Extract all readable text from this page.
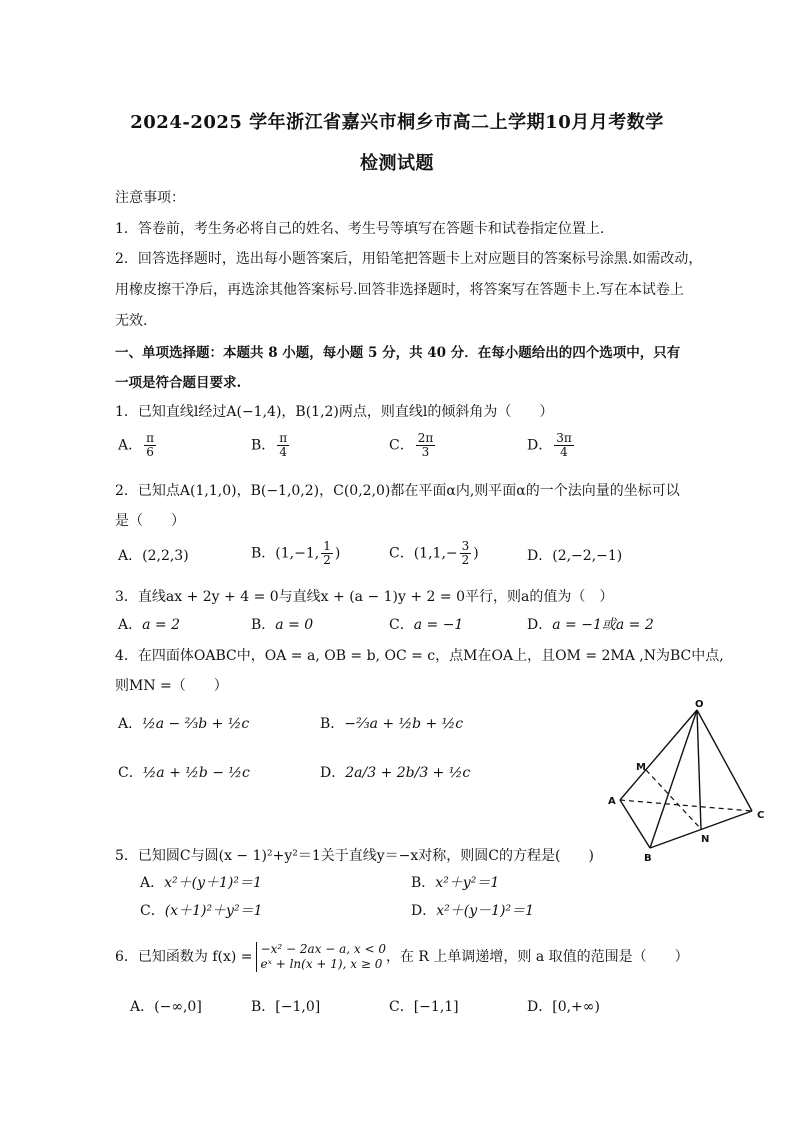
2024-2025 学年浙江省嘉兴市桐乡市高二上学期10月月考数学
检测试题
注意事项：
1．答卷前，考生务必将自己的姓名、考生号等填写在答题卡和试卷指定位置上.
2．回答选择题时，选出每小题答案后，用铅笔把答题卡上对应题目的答案标号涂黑.如需改动，
用橡皮擦干净后，再选涂其他答案标号.回答非选择题时，将答案写在答题卡上.写在本试卷上
无效.
一、单项选择题：本题共 8 小题，每小题 5 分，共 40 分．在每小题给出的四个选项中，只有
一项是符合题目要求.
1．已知直线l经过A(−1,4)，B(1,2)两点，则直线l的倾斜角为（　　）
A． $\frac{\pi}{6}$	B． $\frac{\pi}{4}$	C． $\frac{2\pi}{3}$	D． $\frac{3\pi}{4}$
2．已知点A(1,1,0)，B(−1,0,2)，C(0,2,0)都在平面α内,则平面α的一个法向量的坐标可以
是（　　）
A．(2,2,3)	B．(1,−1, $\frac{1}{2}$ )	C．($1,1,- \frac{3}{2}$ )	D．(2,−2,−1)
3．直线ax + 2y + 4 = 0与直线x + (a − 1)y + 2 = 0平行，则a的值为（　）
A．a = 2	B．a = 0	C．a = −1	D．a = −1或a = 2
4．在四面体OABC中，OA = a, OB = b, OC = c，点M在OA上，且OM = 2MA ,N为BC中点,
则MN =（　　）
A．½a − ⅔b + ½c	B．−⅔a + ½b + ½c
C．½a + ½b − ½c	D．2a/3 + 2b/3 + ½c
O
M
A
B
N
C
5．已知圆C与圆(x − 1)²+y²＝1关于直线y＝−x对称，则圆C的方程是(　　)
A．x²＋(y＋1)²＝1	B．x²＋y²＝1
C．(x＋1)²＋y²＝1	D．x²＋(y－1)²＝1
6．已知函数为 f(x) = −x² − 2ax − a, x < 0
eˣ + ln(x + 1), x ≥ 0 ，在 R 上单调递增，则 a 取值的范围是（　　）
A．(−∞,0]	B．[−1,0]	C．[−1,1]	D．[0,+∞)
